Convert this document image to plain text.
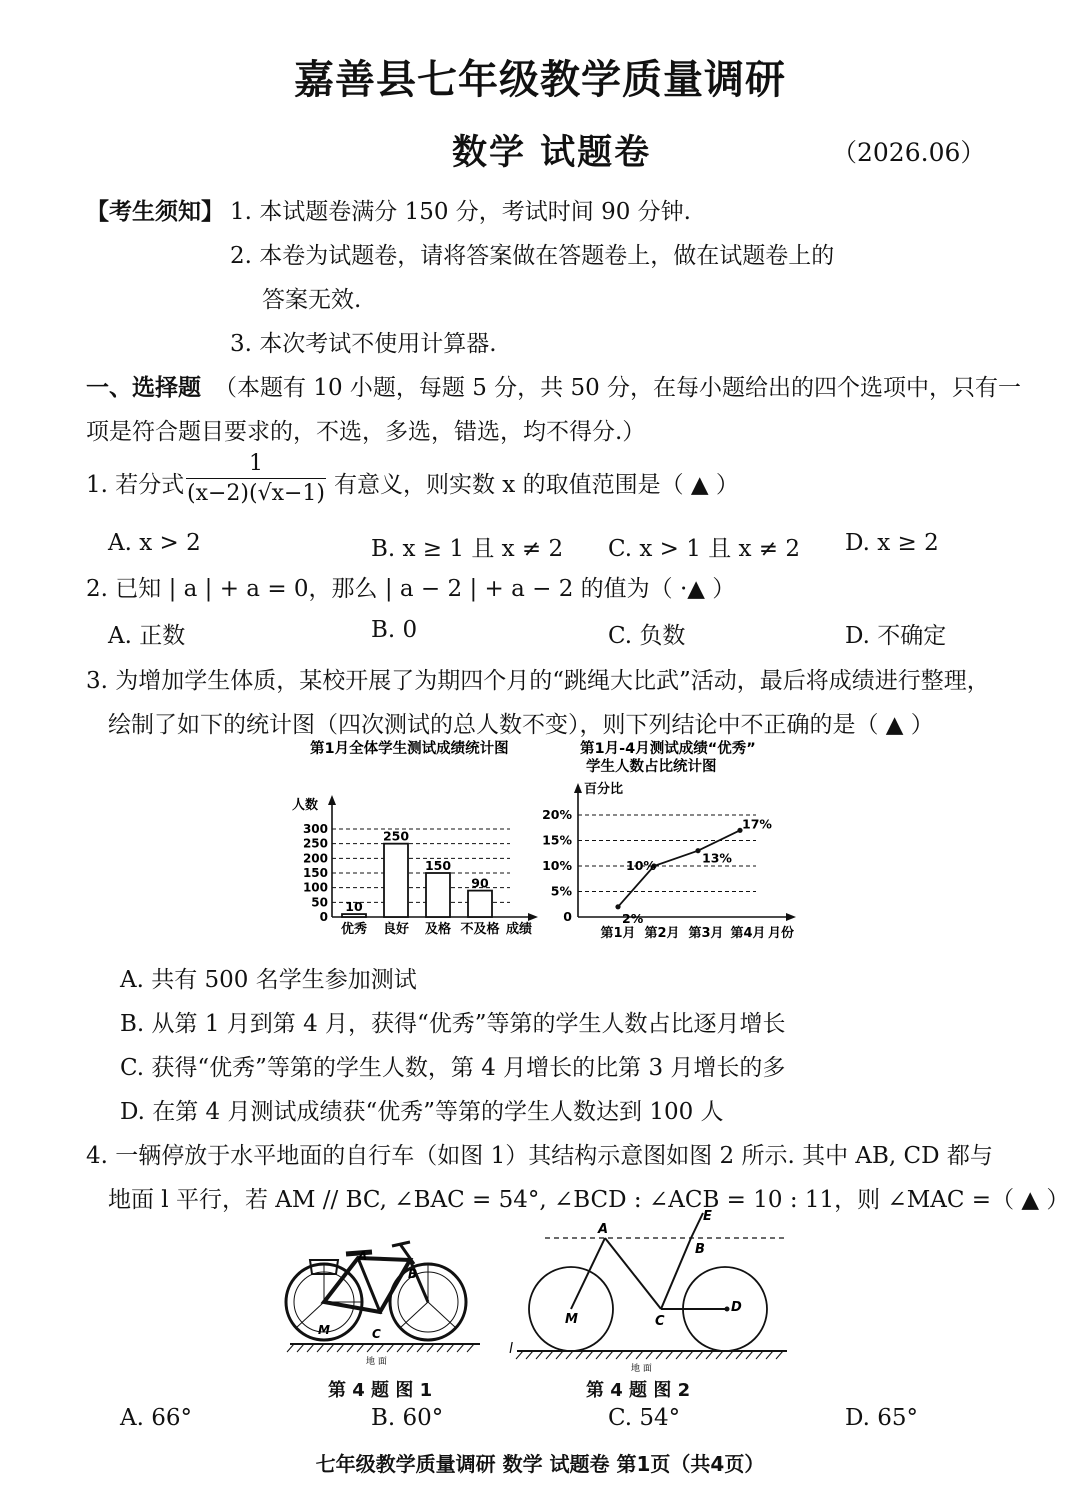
嘉善县七年级教学质量调研
数学 试题卷	（2026.06）
【考生须知】 1. 本试题卷满分 150 分，考试时间 90 分钟.
2. 本卷为试题卷，请将答案做在答题卷上，做在试题卷上的
答案无效.
3. 本次考试不使用计算器.
一、选择题 （本题有 10 小题，每题 5 分，共 50 分，在每小题给出的四个选项中，只有一
项是符合题目要求的，不选，多选，错选，均不得分.）
1. 若分式
1
(x−2)(√x−1) 有意义，则实数 x 的取值范围是（ ▲ ）
A. x > 2	B. x ≥ 1 且 x ≠ 2 C. x > 1 且 x ≠ 2 D. x ≥ 2
2. 已知 | a | + a = 0，那么 | a − 2 | + a − 2 的值为（ ·▲ ）
A. 正数	B. 0	C. 负数	D. 不确定
3. 为增加学生体质，某校开展了为期四个月的“跳绳大比武”活动，最后将成绩进行整理，
绘制了如下的统计图（四次测试的总人数不变），则下列结论中不正确的是（ ▲ ）
第1月全体学生测试成绩统计图	第1月-4月测试成绩“优秀”
学生人数占比统计图
0
50
100
150
200
250
300
人数
成绩
10
优秀
250
良好
150
及格
90
不及格
0
5%
10%
15%
20%
百分比
月份
2%
10%	13%
17%
第1月 第2月 第3月 第4月
A. 共有 500 名学生参加测试
B. 从第 1 月到第 4 月，获得“优秀”等第的学生人数占比逐月增长
C. 获得“优秀”等第的学生人数，第 4 月增长的比第 3 月增长的多
D. 在第 4 月测试成绩获“优秀”等第的学生人数达到 100 人
4. 一辆停放于水平地面的自行车（如图 1）其结构示意图如图 2 所示. 其中 AB, CD 都与
地面 l 平行，若 AM // BC, ∠BAC = 54°, ∠BCD : ∠ACB = 10 : 11，则 ∠MAC =（ ▲ ）
A
B
C
M
地 面
第 4 题 图 1
A
B
C
D
E
M
l
地 面
第 4 题 图 2
A. 66°	B. 60°	C. 54°	D. 65°
七年级教学质量调研 数学 试题卷 第1页（共4页）
